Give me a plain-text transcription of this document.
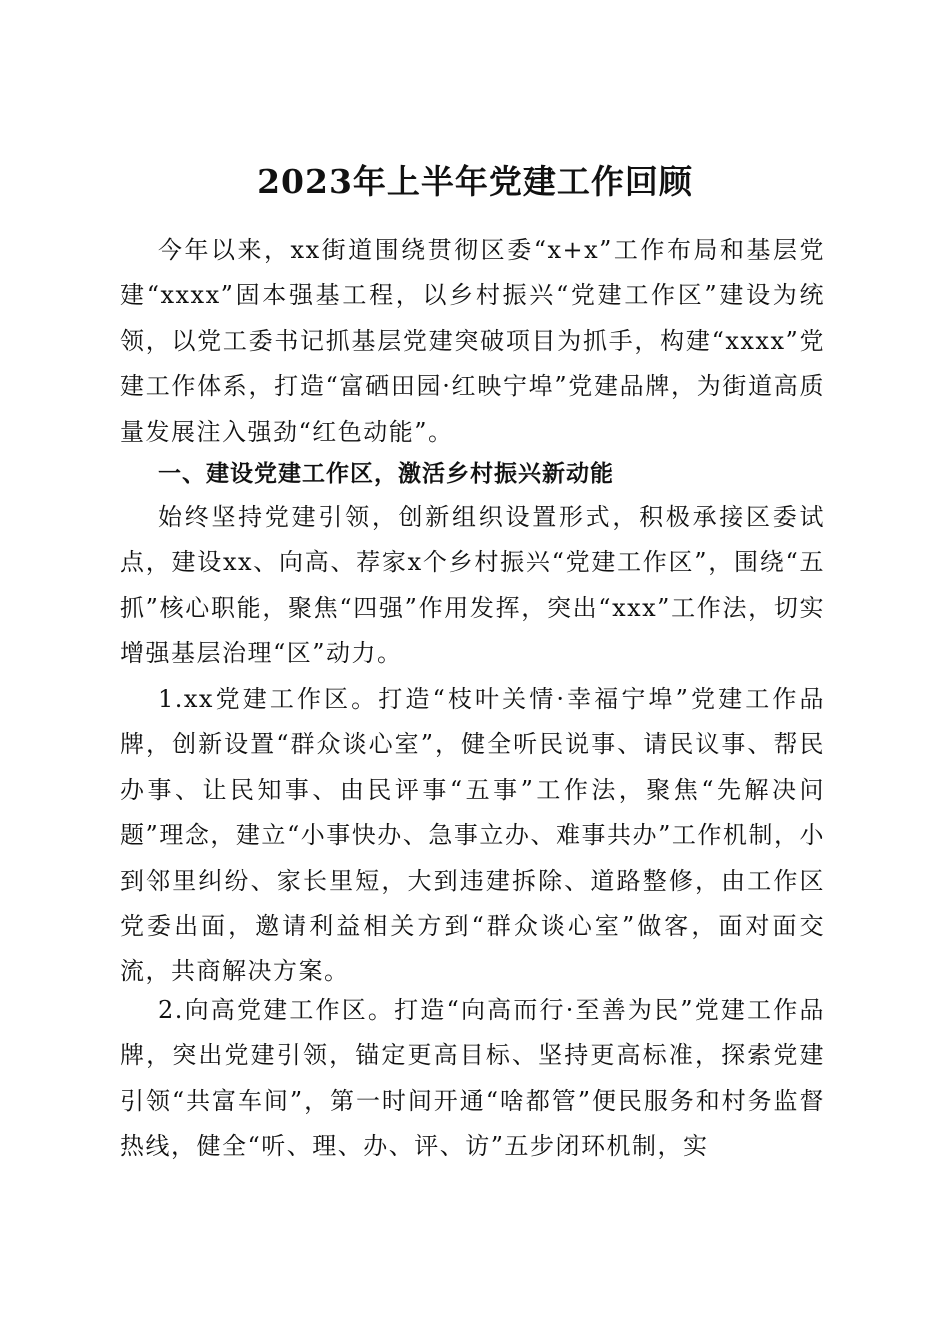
2023年上半年党建工作回顾

今年以来，xx街道围绕贯彻区委“x+x”工作布局和基层党建“xxxx”固本强基工程，以乡村振兴“党建工作区”建设为统领，以党工委书记抓基层党建突破项目为抓手，构建“xxxx”党建工作体系，打造“富硒田园·红映宁埠”党建品牌，为街道高质量发展注入强劲“红色动能”。

一、建设党建工作区，激活乡村振兴新动能

始终坚持党建引领，创新组织设置形式，积极承接区委试点，建设xx、向高、荐家x个乡村振兴“党建工作区”，围绕“五抓”核心职能，聚焦“四强”作用发挥，突出“xxx”工作法，切实增强基层治理“区”动力。

1.xx党建工作区。打造“枝叶关情·幸福宁埠”党建工作品牌，创新设置“群众谈心室”，健全听民说事、请民议事、帮民办事、让民知事、由民评事“五事”工作法，聚焦“先解决问题”理念，建立“小事快办、急事立办、难事共办”工作机制，小到邻里纠纷、家长里短，大到违建拆除、道路整修，由工作区党委出面，邀请利益相关方到“群众谈心室”做客，面对面交流，共商解决方案。

2.向高党建工作区。打造“向高而行·至善为民”党建工作品牌，突出党建引领，锚定更高目标、坚持更高标准，探索党建引领“共富车间”，第一时间开通“啥都管”便民服务和村务监督热线，健全“听、理、办、评、访”五步闭环机制，实
